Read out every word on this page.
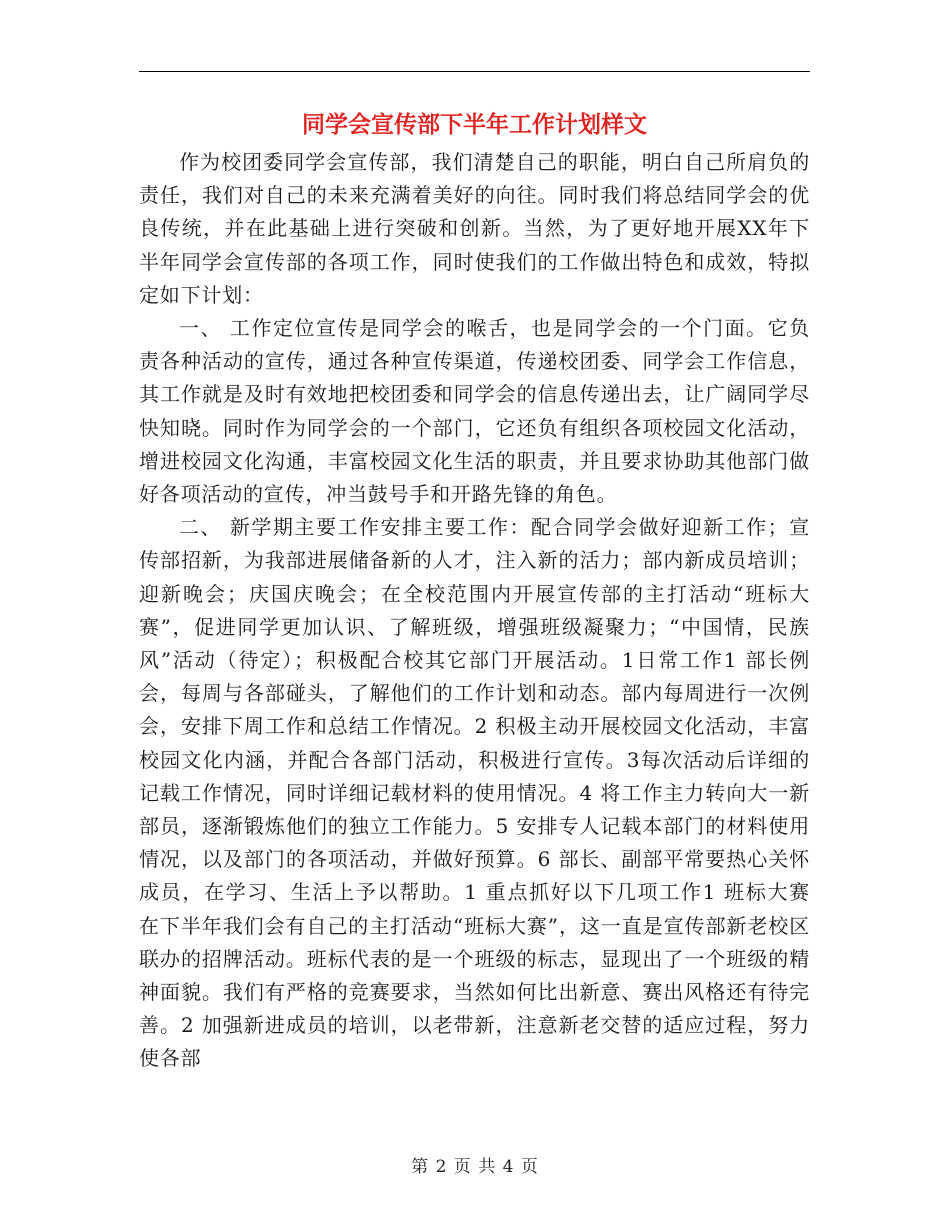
同学会宣传部下半年工作计划样文

作为校团委同学会宣传部，我们清楚自己的职能，明白自己所肩负的责任，我们对自己的未来充满着美好的向往。同时我们将总结同学会的优良传统，并在此基础上进行突破和创新。当然，为了更好地开展XX年下半年同学会宣传部的各项工作，同时使我们的工作做出特色和成效，特拟定如下计划：

一、 工作定位宣传是同学会的喉舌，也是同学会的一个门面。它负责各种活动的宣传，通过各种宣传渠道，传递校团委、同学会工作信息，其工作就是及时有效地把校团委和同学会的信息传递出去，让广阔同学尽快知晓。同时作为同学会的一个部门，它还负有组织各项校园文化活动，增进校园文化沟通，丰富校园文化生活的职责，并且要求协助其他部门做好各项活动的宣传，冲当鼓号手和开路先锋的角色。

二、 新学期主要工作安排主要工作：配合同学会做好迎新工作；宣传部招新，为我部进展储备新的人才，注入新的活力；部内新成员培训；迎新晚会；庆国庆晚会；在全校范围内开展宣传部的主打活动“班标大赛”，促进同学更加认识、了解班级，增强班级凝聚力；“中国情，民族风”活动（待定）；积极配合校其它部门开展活动。1日常工作1 部长例会，每周与各部碰头，了解他们的工作计划和动态。部内每周进行一次例会，安排下周工作和总结工作情况。2 积极主动开展校园文化活动，丰富校园文化内涵，并配合各部门活动，积极进行宣传。3每次活动后详细的记载工作情况，同时详细记载材料的使用情况。4 将工作主力转向大一新部员，逐渐锻炼他们的独立工作能力。5 安排专人记载本部门的材料使用情况，以及部门的各项活动，并做好预算。6 部长、副部平常要热心关怀成员，在学习、生活上予以帮助。1 重点抓好以下几项工作1 班标大赛 在下半年我们会有自己的主打活动“班标大赛”，这一直是宣传部新老校区联办的招牌活动。班标代表的是一个班级的标志，显现出了一个班级的精神面貌。我们有严格的竞赛要求，当然如何比出新意、赛出风格还有待完善。2 加强新进成员的培训，以老带新，注意新老交替的适应过程，努力使各部

第 2 页 共 4 页
